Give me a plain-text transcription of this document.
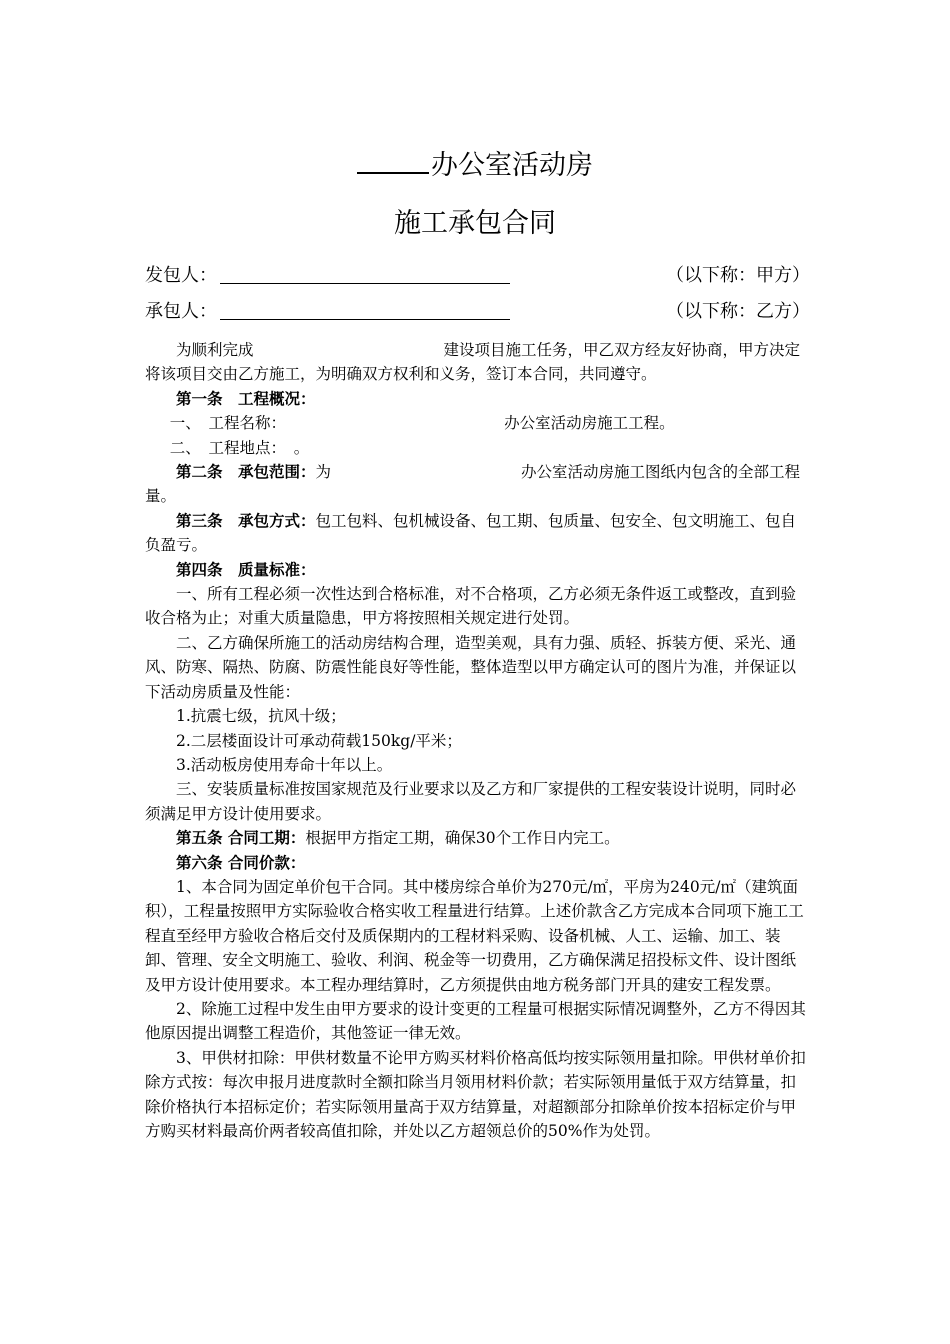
办公室活动房
施工承包合同
发包人：	（以下称：甲方）
承包人：	（以下称：乙方）

为顺利完成	建设项目施工任务，甲乙双方经友好协商，甲方决定将该项目交由乙方施工，为明确双方权利和义务，签订本合同，共同遵守。

第一条　工程概况：

一、　工程名称：	办公室活动房施工工程。

二、　工程地点：　。

第二条　承包范围：为	办公室活动房施工图纸内包含的全部工程量。

第三条　承包方式：包工包料、包机械设备、包工期、包质量、包安全、包文明施工、包自负盈亏。

第四条　质量标准：

一、所有工程必须一次性达到合格标准，对不合格项，乙方必须无条件返工或整改，直到验收合格为止；对重大质量隐患，甲方将按照相关规定进行处罚。

二、乙方确保所施工的活动房结构合理，造型美观，具有力强、质轻、拆装方便、采光、通风、防寒、隔热、防腐、防震性能良好等性能，整体造型以甲方确定认可的图片为准，并保证以下活动房质量及性能：

1.抗震七级，抗风十级；

2.二层楼面设计可承动荷载150kg/平米；

3.活动板房使用寿命十年以上。

三、安装质量标准按国家规范及行业要求以及乙方和厂家提供的工程安装设计说明，同时必须满足甲方设计使用要求。

第五条 合同工期：根据甲方指定工期，确保30个工作日内完工。

第六条 合同价款：

1、本合同为固定单价包干合同。其中楼房综合单价为270元/㎡，平房为240元/㎡（建筑面积），工程量按照甲方实际验收合格实收工程量进行结算。上述价款含乙方完成本合同项下施工工程直至经甲方验收合格后交付及质保期内的工程材料采购、设备机械、人工、运输、加工、装卸、管理、安全文明施工、验收、利润、税金等一切费用，乙方确保满足招投标文件、设计图纸及甲方设计使用要求。本工程办理结算时，乙方须提供由地方税务部门开具的建安工程发票。

2、除施工过程中发生由甲方要求的设计变更的工程量可根据实际情况调整外，乙方不得因其他原因提出调整工程造价，其他签证一律无效。

3、甲供材扣除：甲供材数量不论甲方购买材料价格高低均按实际领用量扣除。甲供材单价扣除方式按：每次申报月进度款时全额扣除当月领用材料价款；若实际领用量低于双方结算量，扣除价格执行本招标定价；若实际领用量高于双方结算量，对超额部分扣除单价按本招标定价与甲方购买材料最高价两者较高值扣除，并处以乙方超领总价的50%作为处罚。
